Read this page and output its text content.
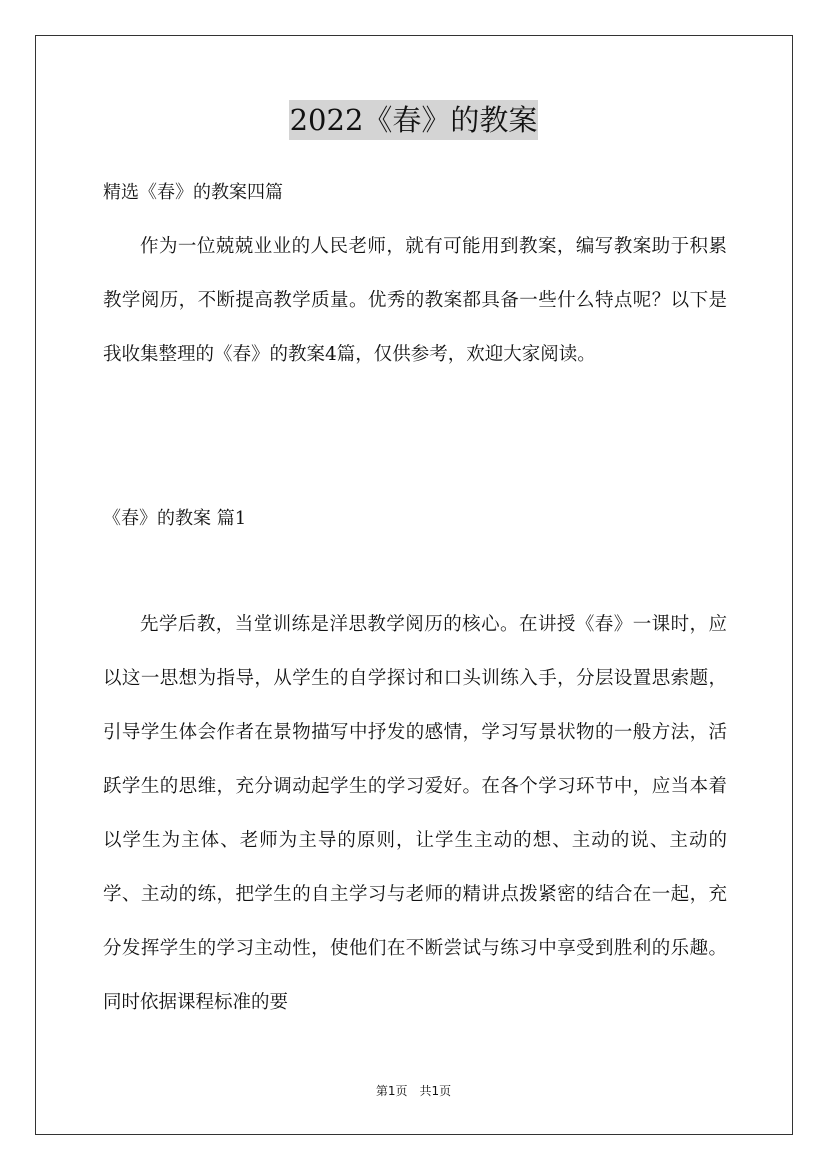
2022《春》的教案
精选《春》的教案四篇

作为一位兢兢业业的人民老师，就有可能用到教案，编写教案助于积累教学阅历，不断提高教学质量。优秀的教案都具备一些什么特点呢？以下是我收集整理的《春》的教案4篇，仅供参考，欢迎大家阅读。

《春》的教案 篇1

先学后教，当堂训练是洋思教学阅历的核心。在讲授《春》一课时，应以这一思想为指导，从学生的自学探讨和口头训练入手，分层设置思索题，引导学生体会作者在景物描写中抒发的感情，学习写景状物的一般方法，活跃学生的思维，充分调动起学生的学习爱好。在各个学习环节中，应当本着以学生为主体、老师为主导的原则，让学生主动的想、主动的说、主动的学、主动的练，把学生的自主学习与老师的精讲点拨紧密的结合在一起，充分发挥学生的学习主动性，使他们在不断尝试与练习中享受到胜利的乐趣。同时依据课程标准的要

第1页　共1页
